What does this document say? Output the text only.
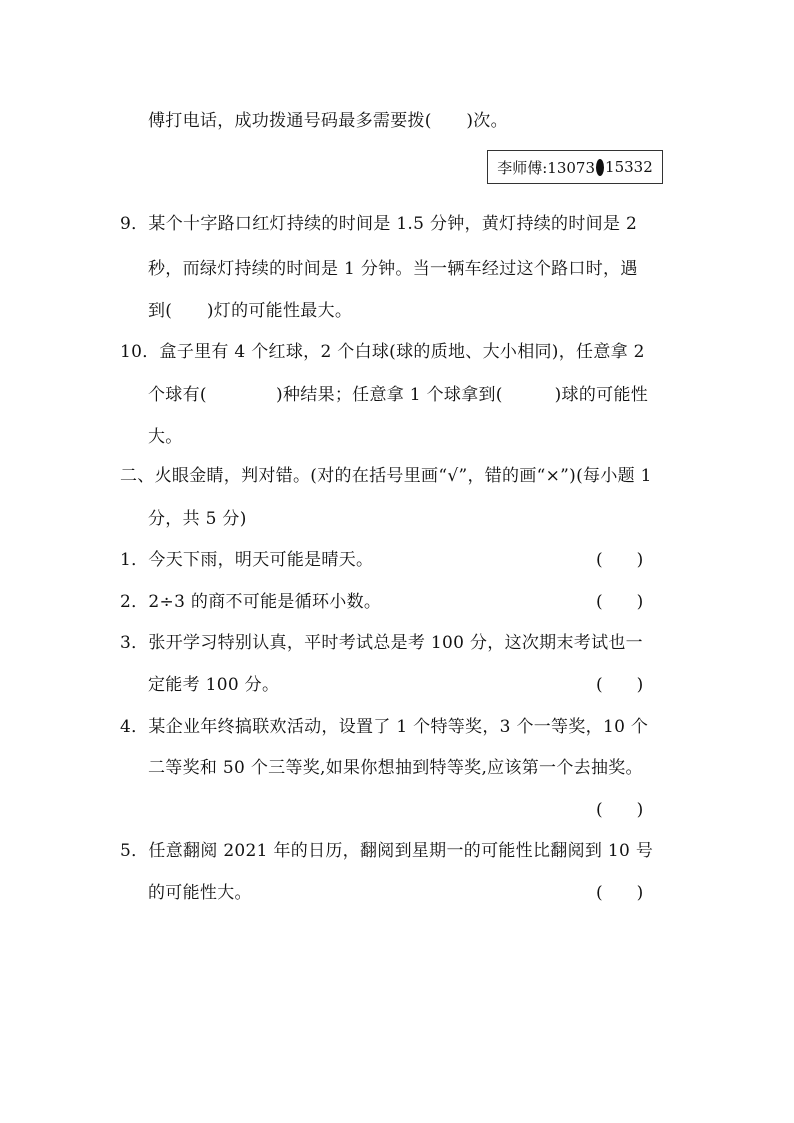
傅打电话，成功拨通号码最多需要拨(　　)次。
李师傅:13073 15332
9．某个十字路口红灯持续的时间是 1.5 分钟，黄灯持续的时间是 2
秒，而绿灯持续的时间是 1 分钟。当一辆车经过这个路口时，遇
到(　　)灯的可能性最大。
10．盒子里有 4 个红球，2 个白球(球的质地、大小相同)，任意拿 2
个球有(　　　　)种结果；任意拿 1 个球拿到(　　　)球的可能性
大。
二、火眼金睛，判对错。(对的在括号里画“√”，错的画“×”)(每小题 1
分，共 5 分)
1．今天下雨，明天可能是晴天。	(　　)
2．2÷3 的商不可能是循环小数。	(　　)
3．张开学习特别认真，平时考试总是考 100 分，这次期末考试也一
定能考 100 分。	(　　)
4．某企业年终搞联欢活动，设置了 1 个特等奖，3 个一等奖，10 个
二等奖和 50 个三等奖,如果你想抽到特等奖,应该第一个去抽奖。
(　　)
5．任意翻阅 2021 年的日历，翻阅到星期一的可能性比翻阅到 10 号
的可能性大。	(　　)
